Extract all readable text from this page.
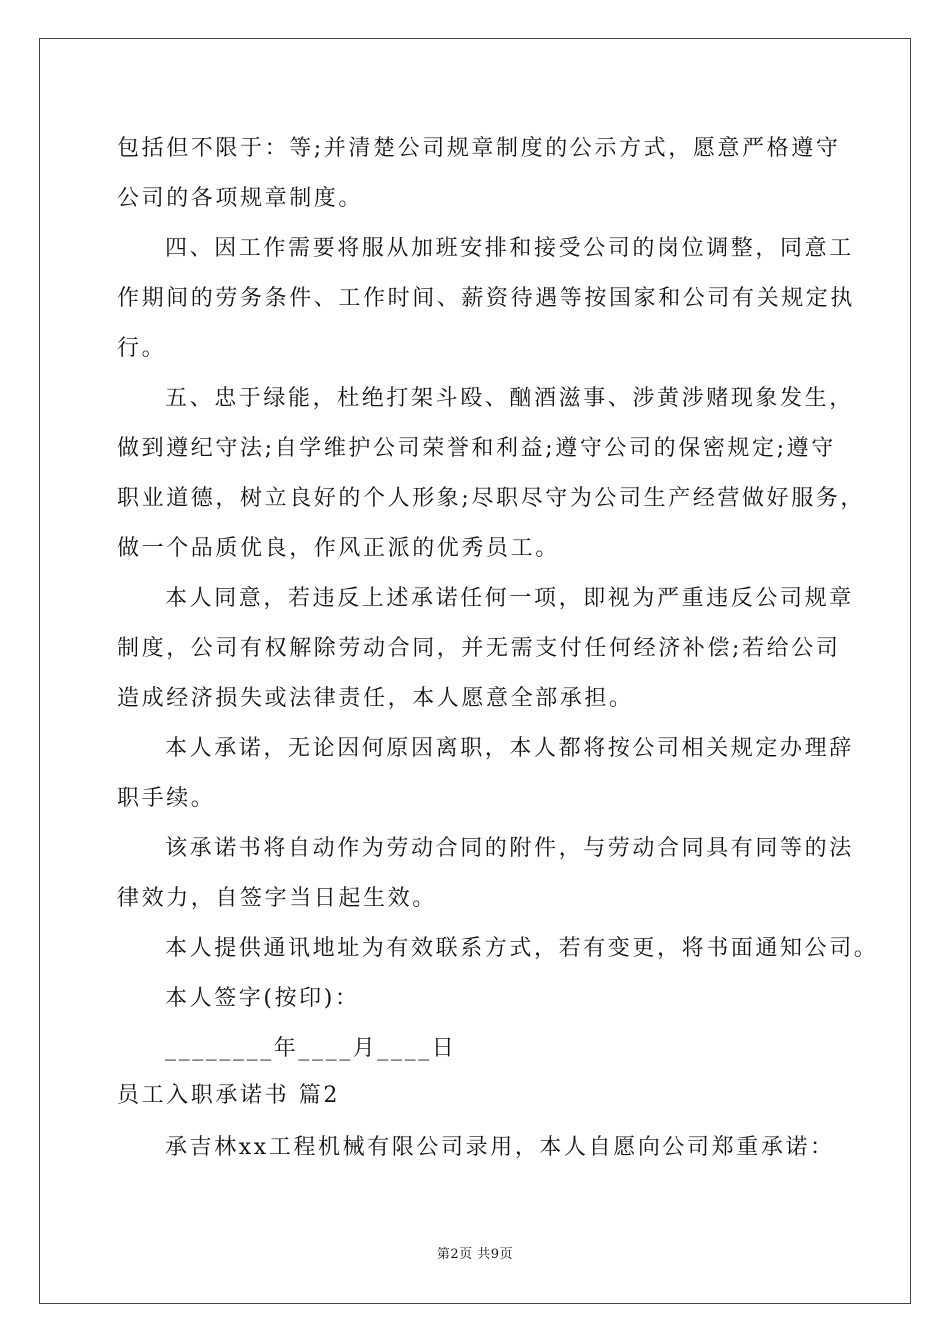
包括但不限于：等;并清楚公司规章制度的公示方式，愿意严格遵守
公司的各项规章制度。
四、因工作需要将服从加班安排和接受公司的岗位调整，同意工
作期间的劳务条件、工作时间、薪资待遇等按国家和公司有关规定执
行。
五、忠于绿能，杜绝打架斗殴、酗酒滋事、涉黄涉赌现象发生，
做到遵纪守法;自学维护公司荣誉和利益;遵守公司的保密规定;遵守
职业道德，树立良好的个人形象;尽职尽守为公司生产经营做好服务，
做一个品质优良，作风正派的优秀员工。
本人同意，若违反上述承诺任何一项，即视为严重违反公司规章
制度，公司有权解除劳动合同，并无需支付任何经济补偿;若给公司
造成经济损失或法律责任，本人愿意全部承担。
本人承诺，无论因何原因离职，本人都将按公司相关规定办理辞
职手续。
该承诺书将自动作为劳动合同的附件，与劳动合同具有同等的法
律效力，自签字当日起生效。
本人提供通讯地址为有效联系方式，若有变更，将书面通知公司。
本人签字(按印)：
________年____月____日
员工入职承诺书 篇2
承吉林xx工程机械有限公司录用，本人自愿向公司郑重承诺：
第2页 共9页
